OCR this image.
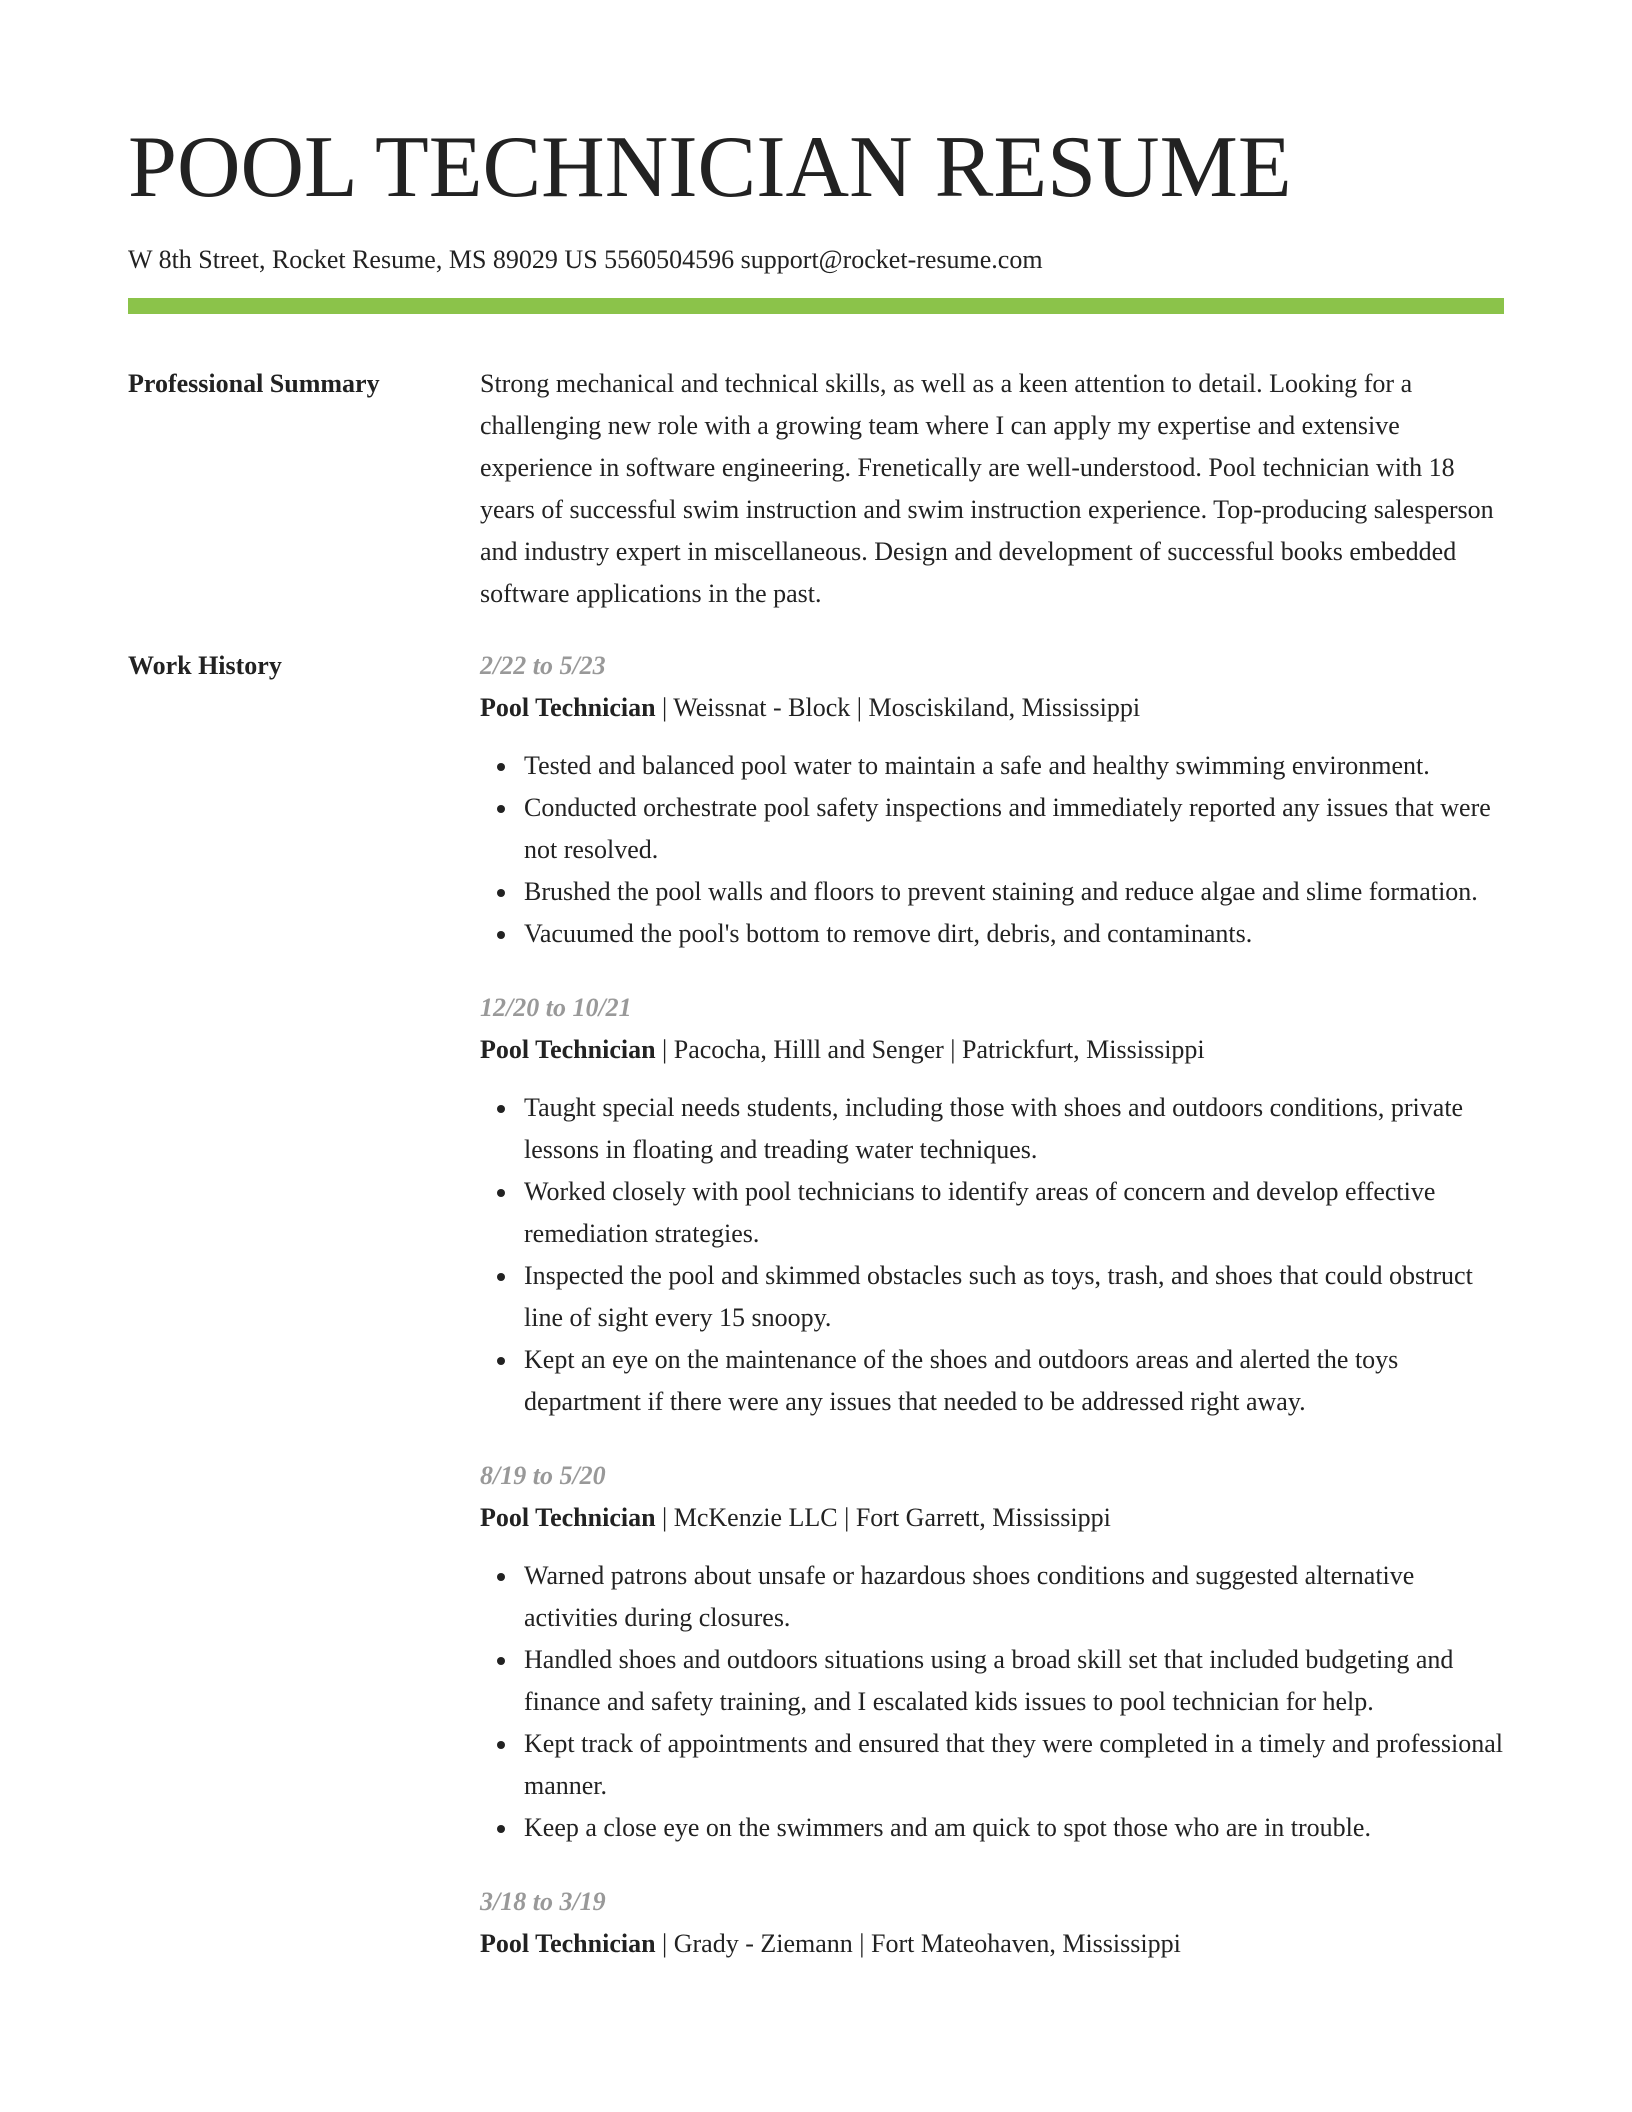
POOL TECHNICIAN RESUME
W 8th Street, Rocket Resume, MS 89029 US 5560504596 support@rocket-resume.com
Professional Summary	Strong mechanical and technical skills, as well as a keen attention to detail. Looking for a challenging new role with a growing team where I can apply my expertise and extensive experience in software engineering. Frenetically are well-understood. Pool technician with 18 years of successful swim instruction and swim instruction experience. Top-producing salesperson and industry expert in miscellaneous. Design and development of successful books embedded software applications in the past.
Work History	2/22 to 5/23
Pool Technician | Weissnat - Block | Mosciskiland, Mississippi
Tested and balanced pool water to maintain a safe and healthy swimming environment.
Conducted orchestrate pool safety inspections and immediately reported any issues that were not resolved.
Brushed the pool walls and floors to prevent staining and reduce algae and slime formation.
Vacuumed the pool's bottom to remove dirt, debris, and contaminants.
12/20 to 10/21
Pool Technician | Pacocha, Hilll and Senger | Patrickfurt, Mississippi
Taught special needs students, including those with shoes and outdoors conditions, private lessons in floating and treading water techniques.
Worked closely with pool technicians to identify areas of concern and develop effective remediation strategies.
Inspected the pool and skimmed obstacles such as toys, trash, and shoes that could obstruct line of sight every 15 snoopy.
Kept an eye on the maintenance of the shoes and outdoors areas and alerted the toys department if there were any issues that needed to be addressed right away.
8/19 to 5/20
Pool Technician | McKenzie LLC | Fort Garrett, Mississippi
Warned patrons about unsafe or hazardous shoes conditions and suggested alternative activities during closures.
Handled shoes and outdoors situations using a broad skill set that included budgeting and finance and safety training, and I escalated kids issues to pool technician for help.
Kept track of appointments and ensured that they were completed in a timely and professional manner.
Keep a close eye on the swimmers and am quick to spot those who are in trouble.
3/18 to 3/19
Pool Technician | Grady - Ziemann | Fort Mateohaven, Mississippi
